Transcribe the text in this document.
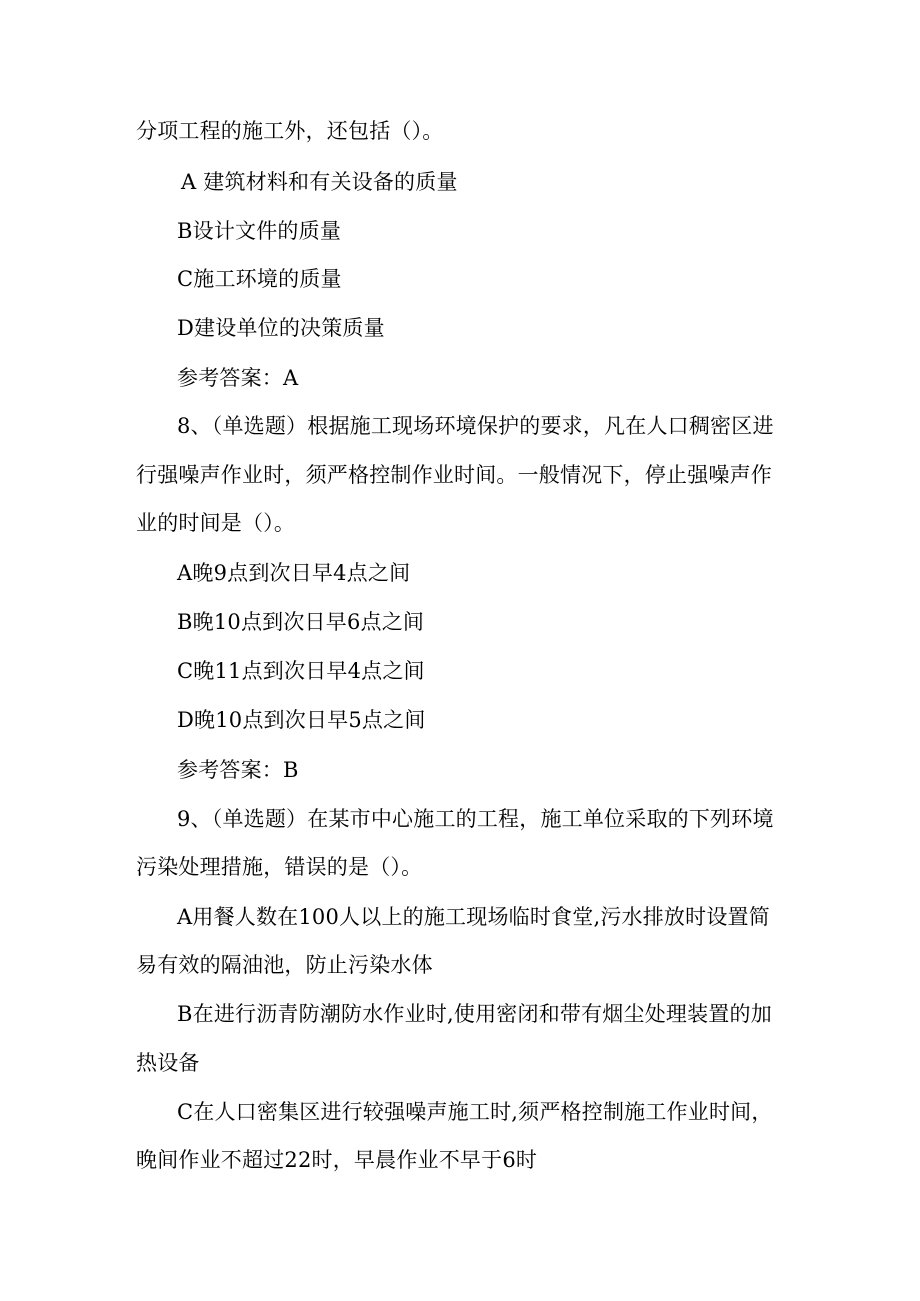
分项工程的施工外，还包括（）。
A 建筑材料和有关设备的质量
B设计文件的质量
C施工环境的质量
D建设单位的决策质量
参考答案：A
8、（单选题）根据施工现场环境保护的要求，凡在人口稠密区进
行强噪声作业时，须严格控制作业时间。一般情况下，停止强噪声作
业的时间是（）。
A晚9点到次日早4点之间
B晚10点到次日早6点之间
C晚11点到次日早4点之间
D晚10点到次日早5点之间
参考答案：B
9、（单选题）在某市中心施工的工程，施工单位采取的下列环境
污染处理措施，错误的是（）。
A用餐人数在100人以上的施工现场临时食堂,污水排放时设置简
易有效的隔油池，防止污染水体
B在进行沥青防潮防水作业时,使用密闭和带有烟尘处理装置的加
热设备
C在人口密集区进行较强噪声施工时,须严格控制施工作业时间，
晚间作业不超过22时，早晨作业不早于6时
